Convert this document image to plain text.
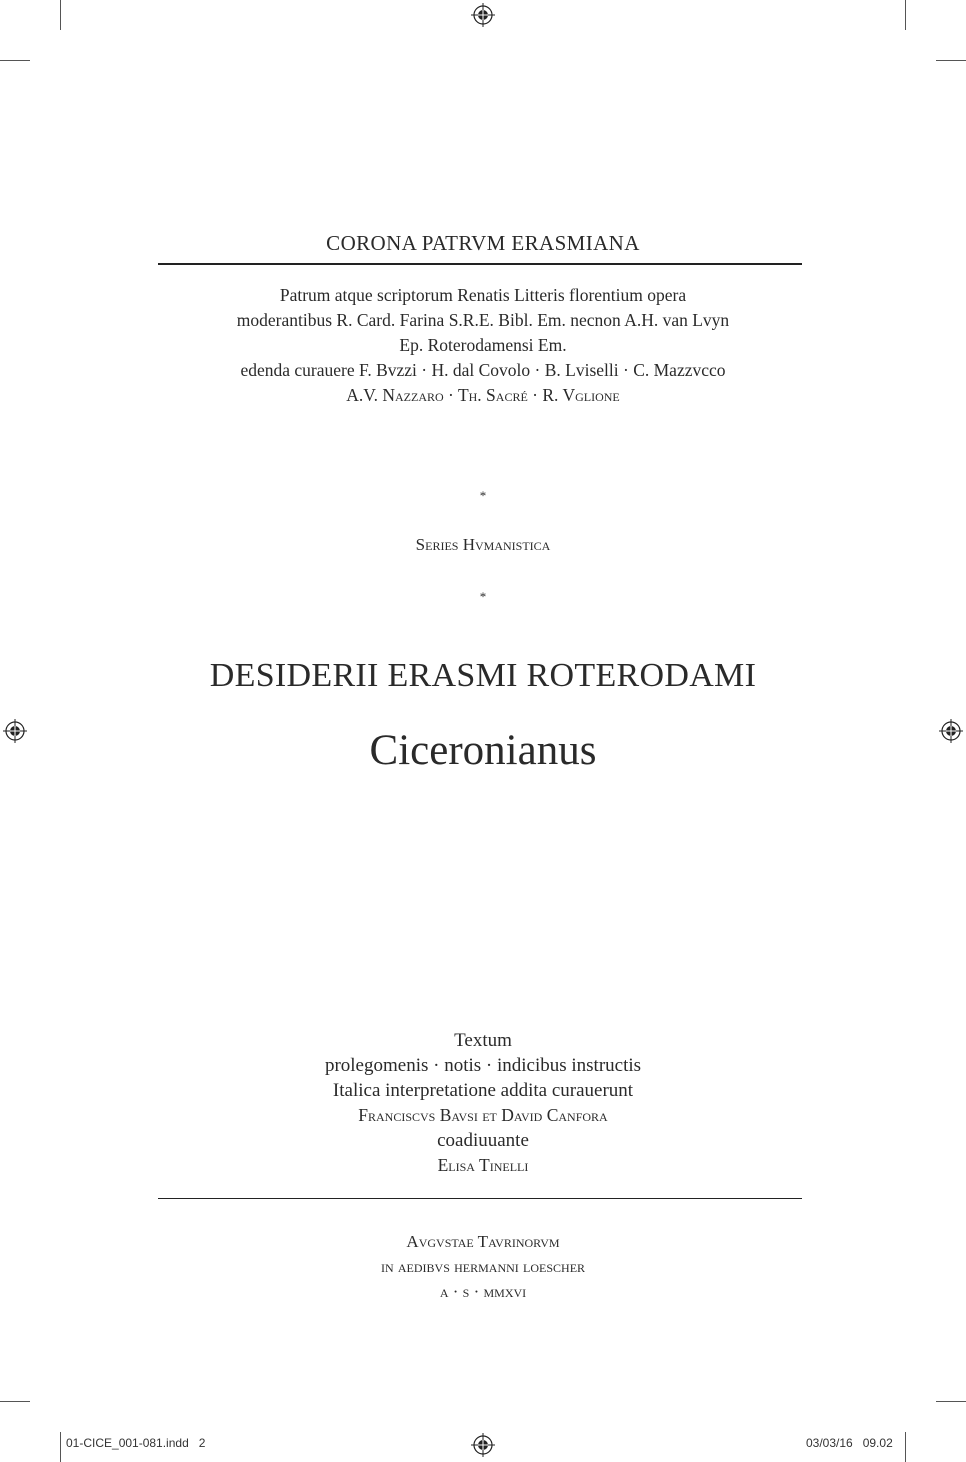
CORONA PATRVM ERASMIANA
Patrum atque scriptorum Renatis Litteris florentium opera
moderantibus R. Card. Farina S.R.E. Bibl. Em. necnon A.H. van Lvyn
Ep. Roterodamensi Em.
edenda curauere F. Bvzzi · H. dal Covolo · B. Lviselli · C. Mazzvcco
A.V. Nazzaro · Th. Sacré · R. Vglione
*
Series Hvmanistica
*
DESIDERII ERASMI ROTERODAMI
Ciceronianus
Textum
prolegomenis · notis · indicibus instructis
Italica interpretatione addita curauerunt
Franciscvs Bavsi et David Canfora
coadiuuante
Elisa Tinelli
Avgvstae Tavrinorvm
in aedibvs hermanni loescher
a · s · mmxvi
01-CICE_001-081.indd   2	03/03/16   09.02
